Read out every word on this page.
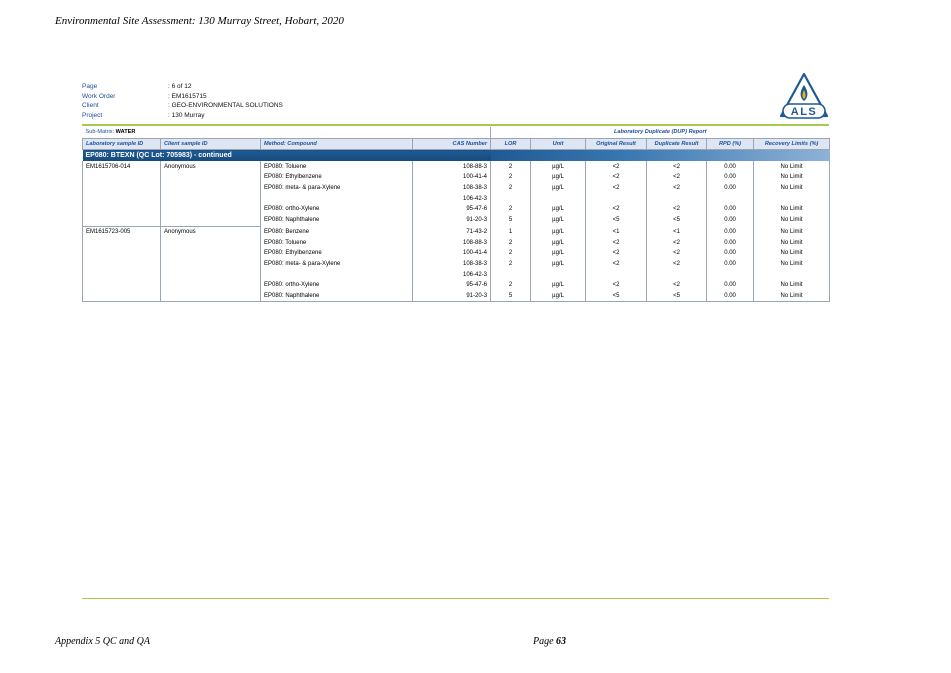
Environmental Site Assessment: 130 Murray Street, Hobart, 2020
Page	: 6 of 12
Work Order	: EM1615715
Client	: GEO-ENVIRONMENTAL SOLUTIONS
Project	: 130 Murray	ALS
Sub-Matrix: WATER				Laboratory Duplicate (DUP) Report					
Laboratory sample ID	Client sample ID	Method: Compound	CAS Number	LOR	Unit	Original Result	Duplicate Result	RPD (%)	Recovery Limits (%)
EP080: BTEXN (QC Lot: 705983) - continued									
EM1615706-014	Anonymous	EP080: Toluene	108-88-3	2	µg/L	<2	<2	0.00	No Limit
		EP080: Ethylbenzene	100-41-4	2	µg/L	<2	<2	0.00	No Limit
		EP080: meta- & para-Xylene	108-38-3	2	µg/L	<2	<2	0.00	No Limit
			106-42-3						
		EP080: ortho-Xylene	95-47-6	2	µg/L	<2	<2	0.00	No Limit
		EP080: Naphthalene	91-20-3	5	µg/L	<5	<5	0.00	No Limit
EM1615723-005	Anonymous	EP080: Benzene	71-43-2	1	µg/L	<1	<1	0.00	No Limit
		EP080: Toluene	108-88-3	2	µg/L	<2	<2	0.00	No Limit
		EP080: Ethylbenzene	100-41-4	2	µg/L	<2	<2	0.00	No Limit
		EP080: meta- & para-Xylene	108-38-3	2	µg/L	<2	<2	0.00	No Limit
			106-42-3						
		EP080: ortho-Xylene	95-47-6	2	µg/L	<2	<2	0.00	No Limit
		EP080: Naphthalene	91-20-3	5	µg/L	<5	<5	0.00	No Limit
Appendix 5 QC and QA	Page 63
